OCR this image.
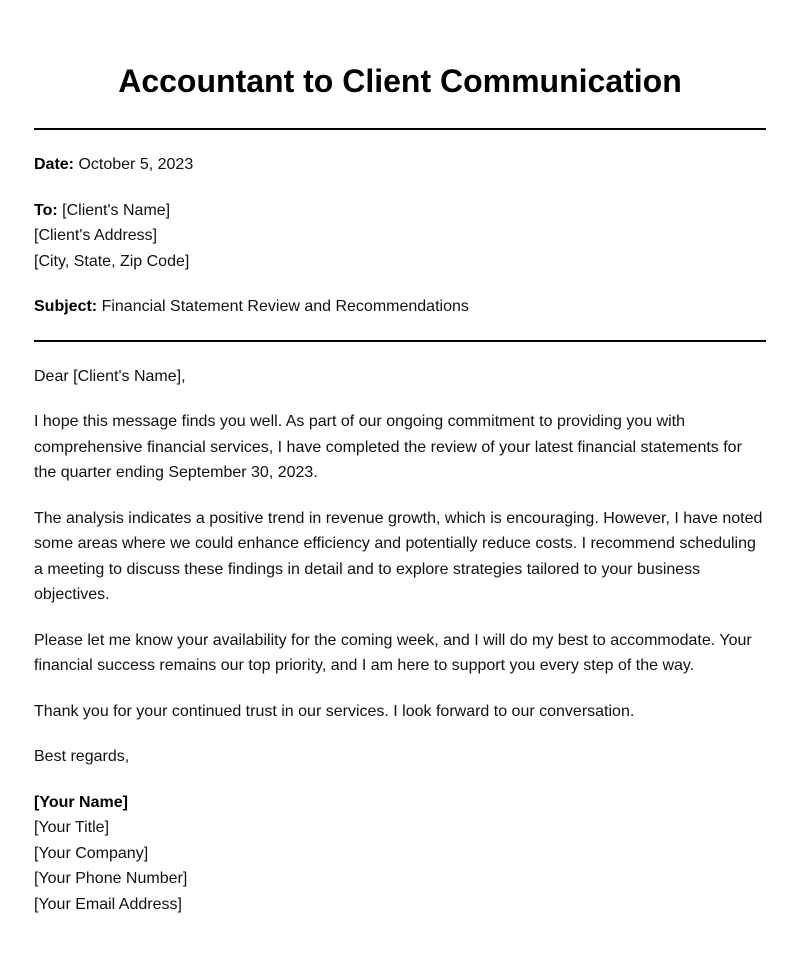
Accountant to Client Communication
Date: October 5, 2023
To: [Client's Name]
[Client's Address]
[City, State, Zip Code]
Subject: Financial Statement Review and Recommendations
Dear [Client's Name],
I hope this message finds you well. As part of our ongoing commitment to providing you with comprehensive financial services, I have completed the review of your latest financial statements for the quarter ending September 30, 2023.
The analysis indicates a positive trend in revenue growth, which is encouraging. However, I have noted some areas where we could enhance efficiency and potentially reduce costs. I recommend scheduling a meeting to discuss these findings in detail and to explore strategies tailored to your business objectives.
Please let me know your availability for the coming week, and I will do my best to accommodate. Your financial success remains our top priority, and I am here to support you every step of the way.
Thank you for your continued trust in our services. I look forward to our conversation.
Best regards,
[Your Name]
[Your Title]
[Your Company]
[Your Phone Number]
[Your Email Address]
